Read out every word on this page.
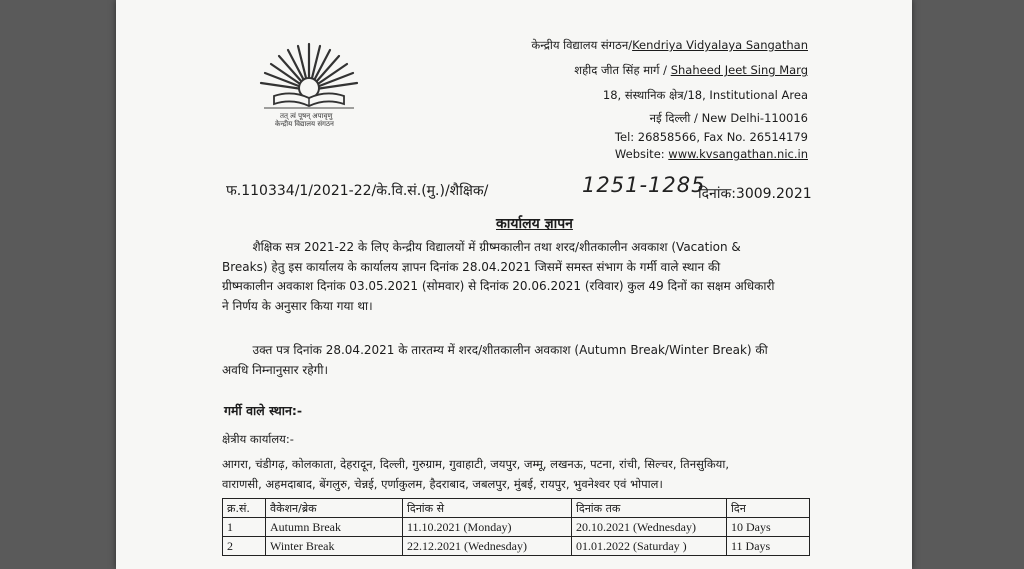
तत् त्वं पूषन् अपावृणु
केन्द्रीय विद्यालय संगठन
केन्द्रीय विद्यालय संगठन/Kendriya Vidyalaya Sangathan
शहीद जीत सिंह मार्ग / Shaheed Jeet Sing Marg
18, संस्थानिक क्षेत्र/18, Institutional Area
नई दिल्ली / New Delhi-110016
Tel: 26858566, Fax No. 26514179
Website: www.kvsangathan.nic.in
फ.110334/1/2021-22/के.वि.सं.(मु.)/शैक्षिक/	1251-1285
दिनांक:3009.2021
कार्यालय ज्ञापन
शैक्षिक सत्र 2021-22 के लिए केन्द्रीय विद्यालयों में ग्रीष्मकालीन तथा शरद/शीतकालीन अवकाश (Vacation &
Breaks) हेतु इस कार्यालय के कार्यालय ज्ञापन दिनांक 28.04.2021 जिसमें समस्त संभाग के गर्मी वाले स्थान की
ग्रीष्मकालीन अवकाश दिनांक 03.05.2021 (सोमवार) से दिनांक 20.06.2021 (रविवार) कुल 49 दिनों का सक्षम अधिकारी
ने निर्णय के अनुसार किया गया था।
उक्त पत्र दिनांक 28.04.2021 के तारतम्य में शरद/शीतकालीन अवकाश (Autumn Break/Winter Break) की
अवधि निम्नानुसार रहेगी।
गर्मी वाले स्थान:-
क्षेत्रीय कार्यालय:-
आगरा, चंडीगढ़, कोलकाता, देहरादून, दिल्ली, गुरुग्राम, गुवाहाटी, जयपुर, जम्मू, लखनऊ, पटना, रांची, सिल्चर, तिनसुकिया,
वाराणसी, अहमदाबाद, बेंगलुरु, चेन्नई, एर्णाकुलम, हैदराबाद, जबलपुर, मुंबई, रायपुर, भुवनेश्वर एवं भोपाल।
क्र.सं.	वैकेशन/ब्रेक	दिनांक से	दिनांक तक	दिन
1	Autumn Break	11.10.2021 (Monday)	20.10.2021 (Wednesday)	10 Days
2	Winter Break	22.12.2021 (Wednesday)	01.01.2022 (Saturday )	11 Days
